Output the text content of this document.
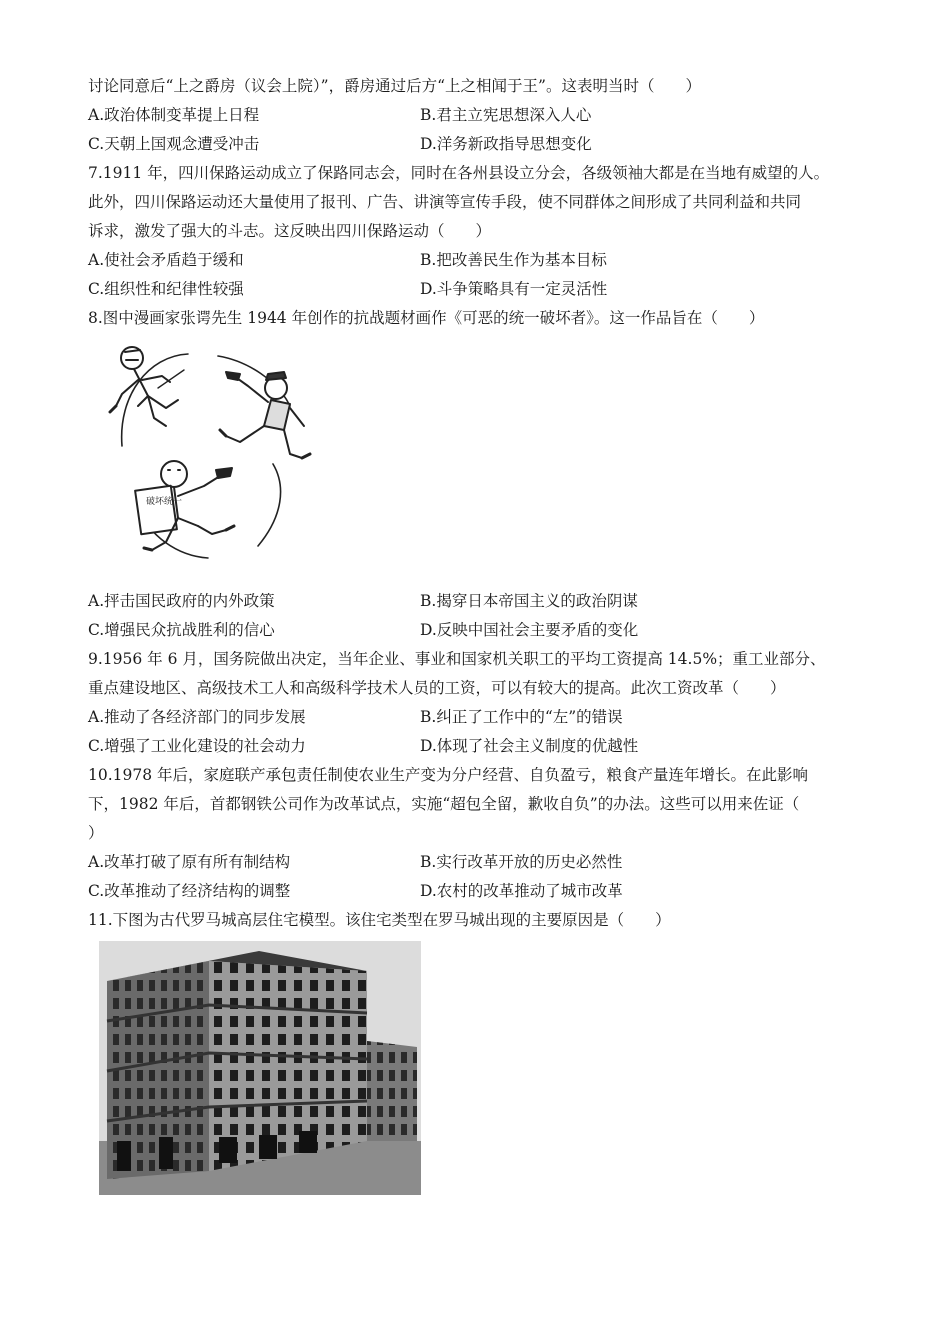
讨论同意后“上之爵房（议会上院）”，爵房通过后方“上之相闻于王”。这表明当时（　　）
A.政治体制变革提上日程	B.君主立宪思想深入人心
C.天朝上国观念遭受冲击	D.洋务新政指导思想变化
7.1911 年，四川保路运动成立了保路同志会，同时在各州县设立分会，各级领袖大都是在当地有威望的人。
此外，四川保路运动还大量使用了报刊、广告、讲演等宣传手段，使不同群体之间形成了共同利益和共同
诉求，激发了强大的斗志。这反映出四川保路运动（　　）
A.使社会矛盾趋于缓和	B.把改善民生作为基本目标
C.组织性和纪律性较强	D.斗争策略具有一定灵活性
8.图中漫画家张谔先生 1944 年创作的抗战题材画作《可恶的统一破坏者》。这一作品旨在（　　）
破坏统一
A.抨击国民政府的内外政策	B.揭穿日本帝国主义的政治阴谋
C.增强民众抗战胜利的信心	D.反映中国社会主要矛盾的变化
9.1956 年 6 月，国务院做出决定，当年企业、事业和国家机关职工的平均工资提高 14.5%；重工业部分、
重点建设地区、高级技术工人和高级科学技术人员的工资，可以有较大的提高。此次工资改革（　　）
A.推动了各经济部门的同步发展	B.纠正了工作中的“左”的错误
C.增强了工业化建设的社会动力	D.体现了社会主义制度的优越性
10.1978 年后，家庭联产承包责任制使农业生产变为分户经营、自负盈亏，粮食产量连年增长。在此影响
下，1982 年后，首都钢铁公司作为改革试点，实施“超包全留，歉收自负”的办法。这些可以用来佐证（
）
A.改革打破了原有所有制结构	B.实行改革开放的历史必然性
C.改革推动了经济结构的调整	D.农村的改革推动了城市改革
11.下图为古代罗马城高层住宅模型。该住宅类型在罗马城出现的主要原因是（　　）
